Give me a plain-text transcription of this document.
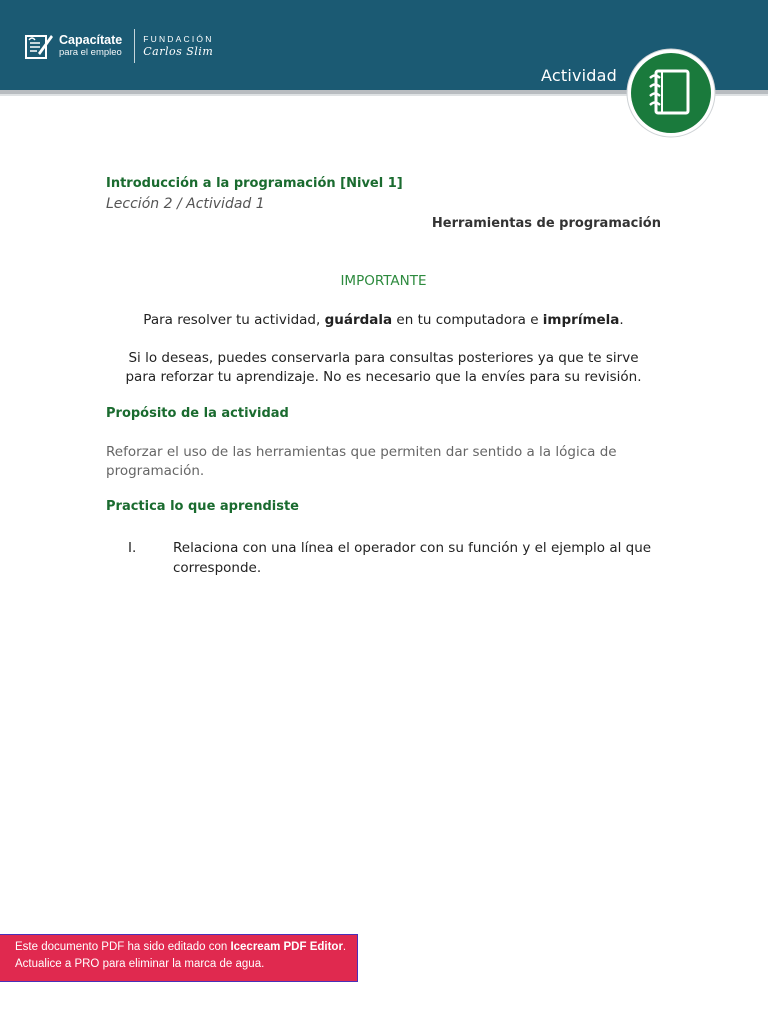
Capacítate
para el empleo
FUNDACIÓN
Carlos Slim
Actividad
Introducción a la programación [Nivel 1]
Lección 2 / Actividad 1
Herramientas de programación
IMPORTANTE
Para resolver tu actividad, guárdala en tu computadora e imprímela.
Si lo deseas, puedes conservarla para consultas posteriores ya que te sirve
para reforzar tu aprendizaje. No es necesario que la envíes para su revisión.
Propósito de la actividad
Reforzar el uso de las herramientas que permiten dar sentido a la lógica de programación.
Practica lo que aprendiste
I.	Relaciona con una línea el operador con su función y el ejemplo al que corresponde.
Este documento PDF ha sido editado con Icecream PDF Editor.
Actualice a PRO para eliminar la marca de agua.
